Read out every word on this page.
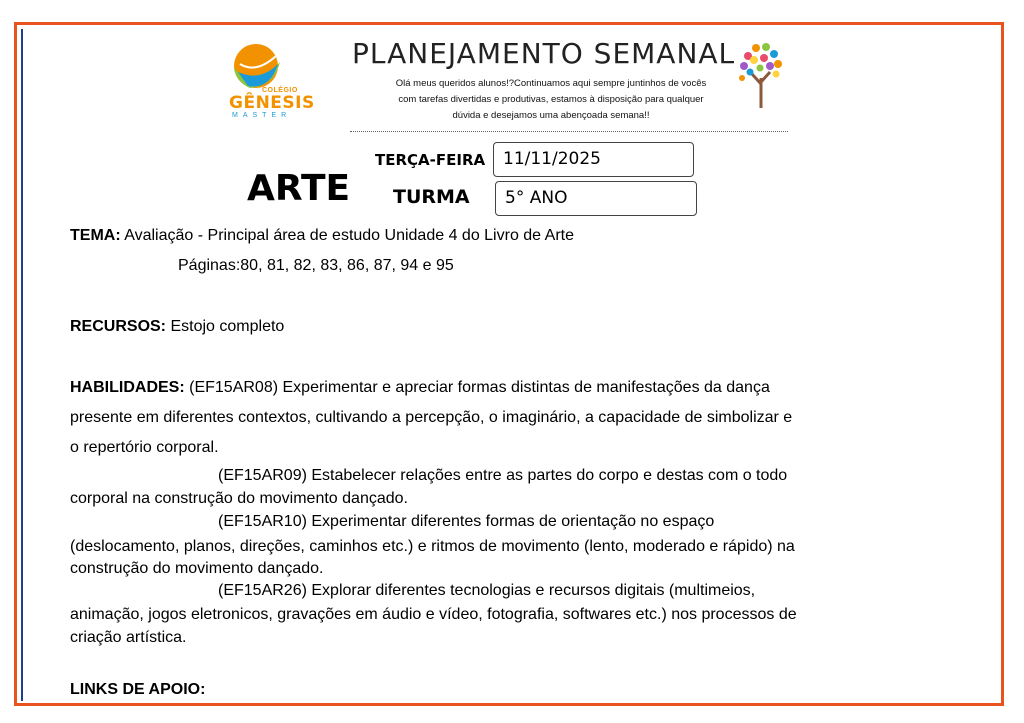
COLÉGIO
GÊNESIS
MASTER
PLANEJAMENTO SEMANAL
Olá meus queridos alunos!?Continuamos aqui sempre juntinhos de vocês
com tarefas divertidas e produtivas, estamos à disposição para qualquer
dúvida e desejamos uma abençoada semana!!
ARTE
TERÇA-FEIRA	11/11/2025
TURMA	5° ANO
TEMA: Avaliação - Principal área de estudo Unidade 4 do Livro de Arte
Páginas:80, 81, 82, 83, 86, 87, 94 e 95
RECURSOS: Estojo completo
HABILIDADES: (EF15AR08) Experimentar e apreciar formas distintas de manifestações da dança
presente em diferentes contextos, cultivando a percepção, o imaginário, a capacidade de simbolizar e
o repertório corporal.
(EF15AR09) Estabelecer relações entre as partes do corpo e destas com o todo
corporal na construção do movimento dançado.
(EF15AR10) Experimentar diferentes formas de orientação no espaço
(deslocamento, planos, direções, caminhos etc.) e ritmos de movimento (lento, moderado e rápido) na
construção do movimento dançado.
(EF15AR26) Explorar diferentes tecnologias e recursos digitais (multimeios,
animação, jogos eletronicos, gravações em áudio e vídeo, fotografia, softwares etc.) nos processos de
criação artística.
LINKS DE APOIO:
